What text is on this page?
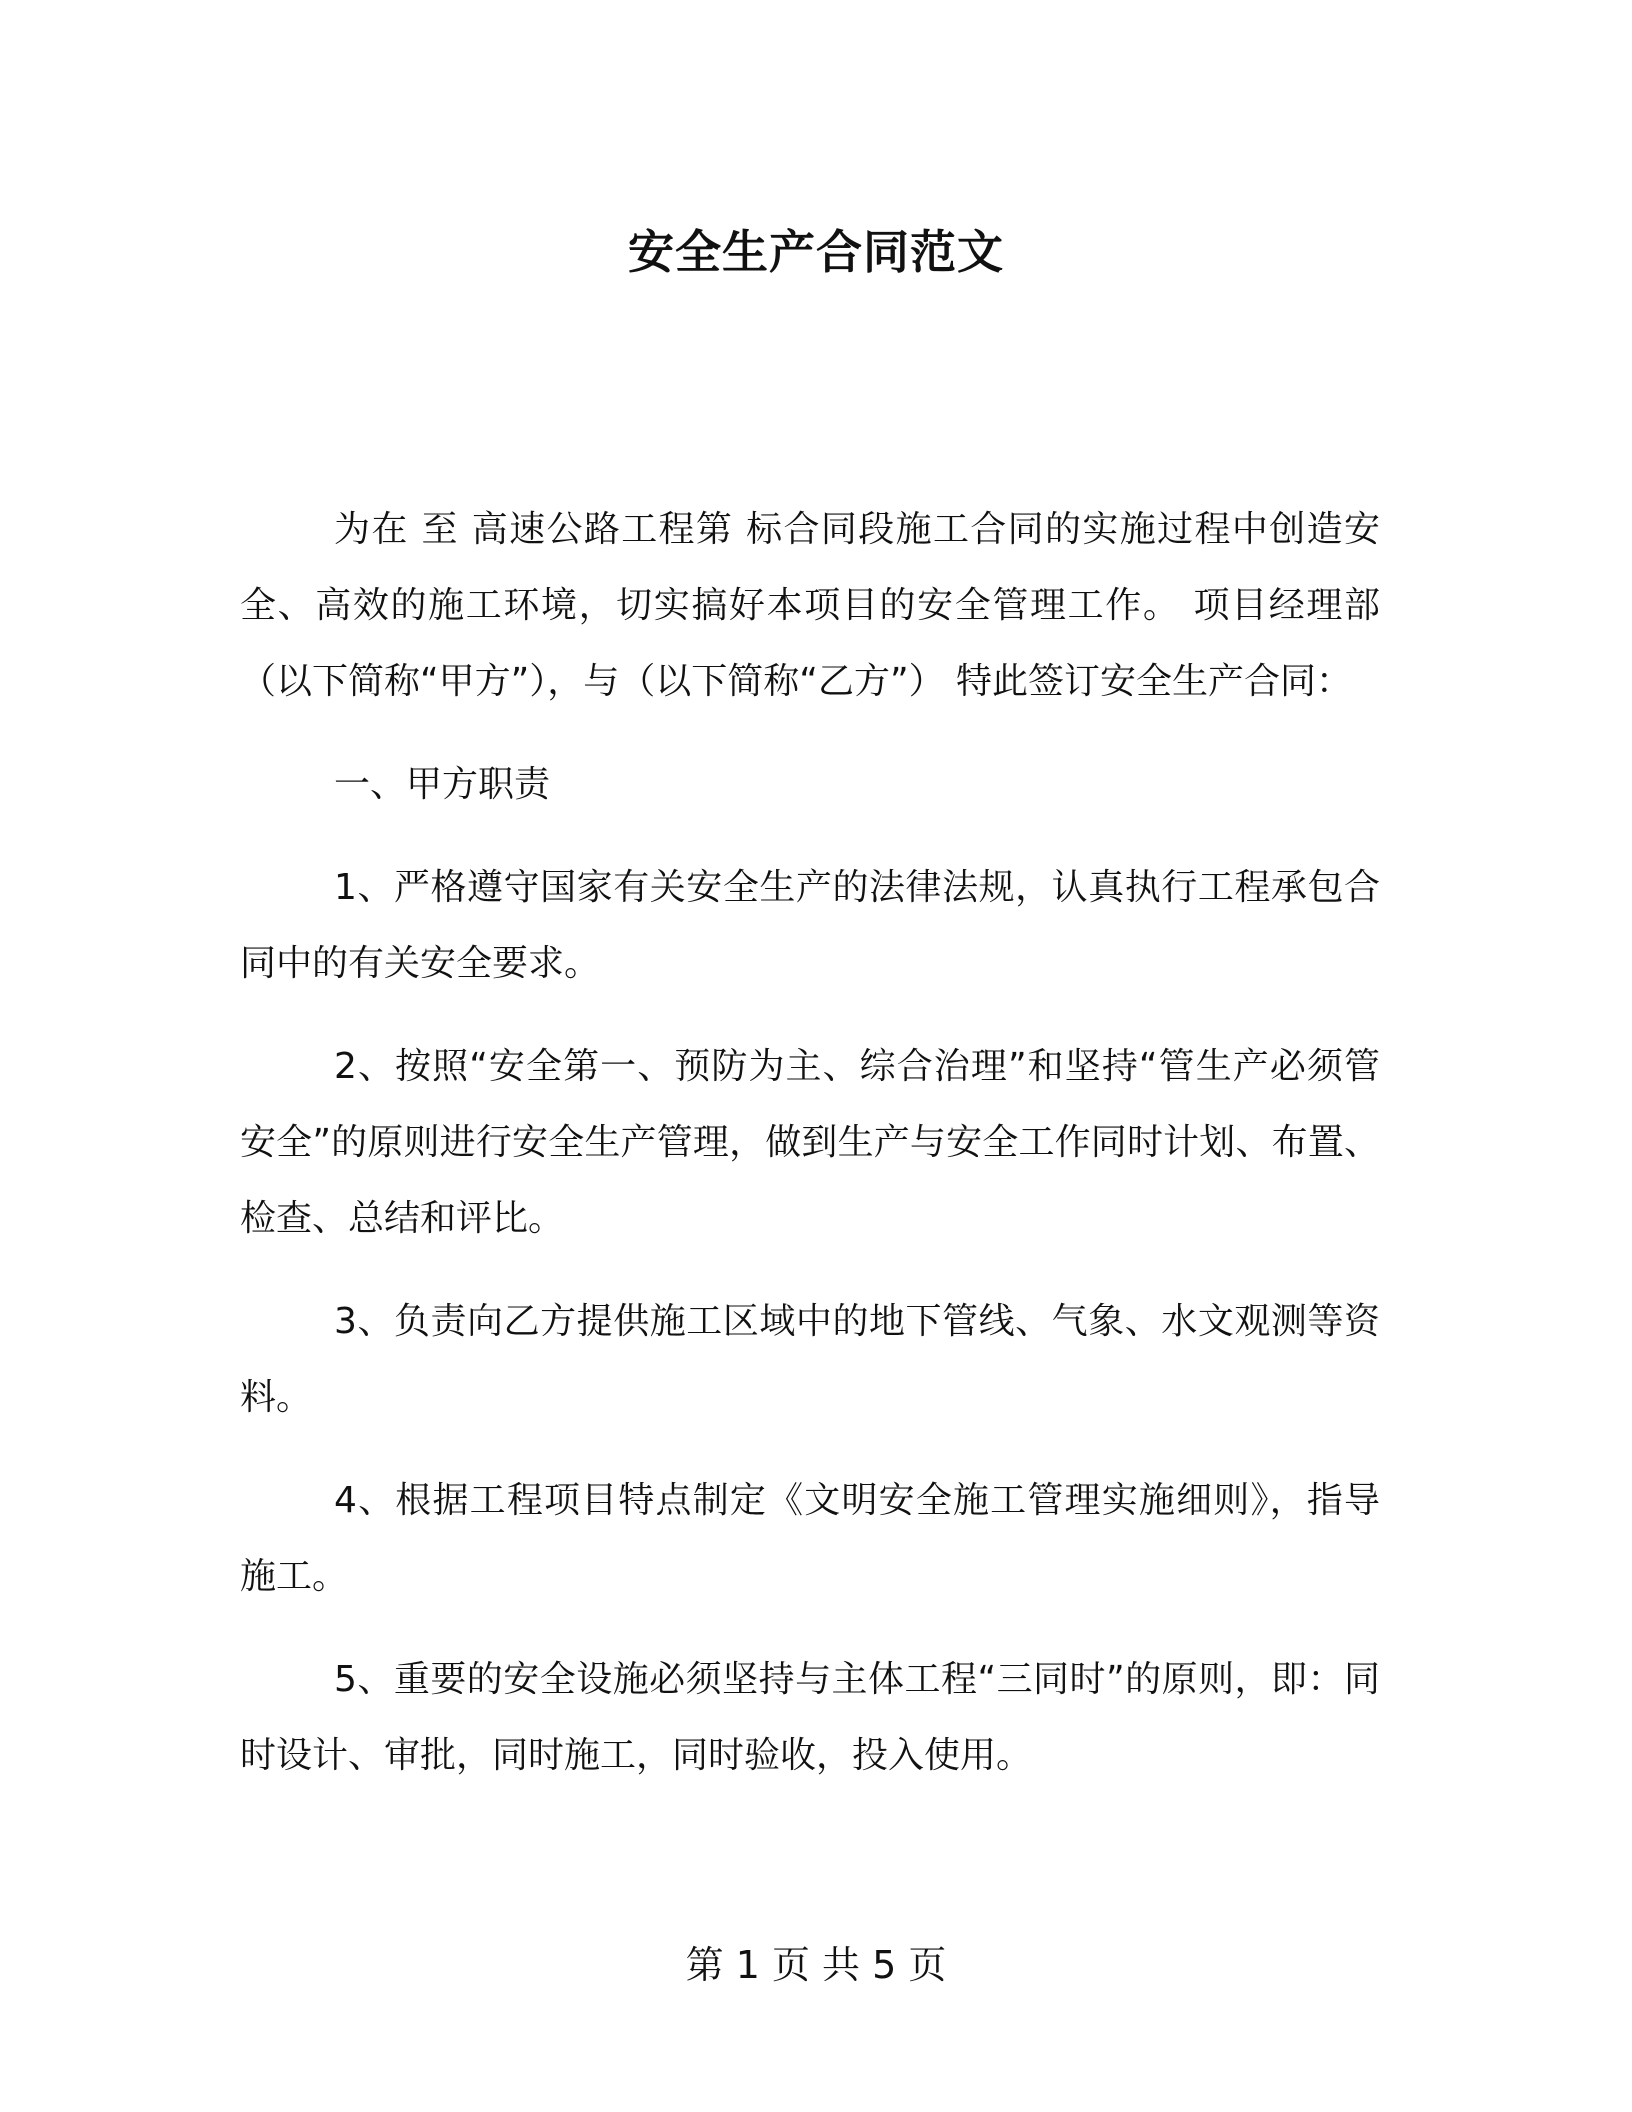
安全生产合同范文

为在 至 高速公路工程第 标合同段施工合同的实施过程中创造安全、高效的施工环境，切实搞好本项目的安全管理工作。 项目经理部（以下简称“甲方”），与（以下简称“乙方”） 特此签订安全生产合同：

一、甲方职责

1、严格遵守国家有关安全生产的法律法规，认真执行工程承包合同中的有关安全要求。

2、按照“安全第一、预防为主、综合治理”和坚持“管生产必须管安全”的原则进行安全生产管理，做到生产与安全工作同时计划、布置、检查、总结和评比。

3、负责向乙方提供施工区域中的地下管线、气象、水文观测等资料。

4、根据工程项目特点制定《文明安全施工管理实施细则》，指导施工。

5、重要的安全设施必须坚持与主体工程“三同时”的原则，即：同时设计、审批，同时施工，同时验收，投入使用。

第 1 页 共 5 页
